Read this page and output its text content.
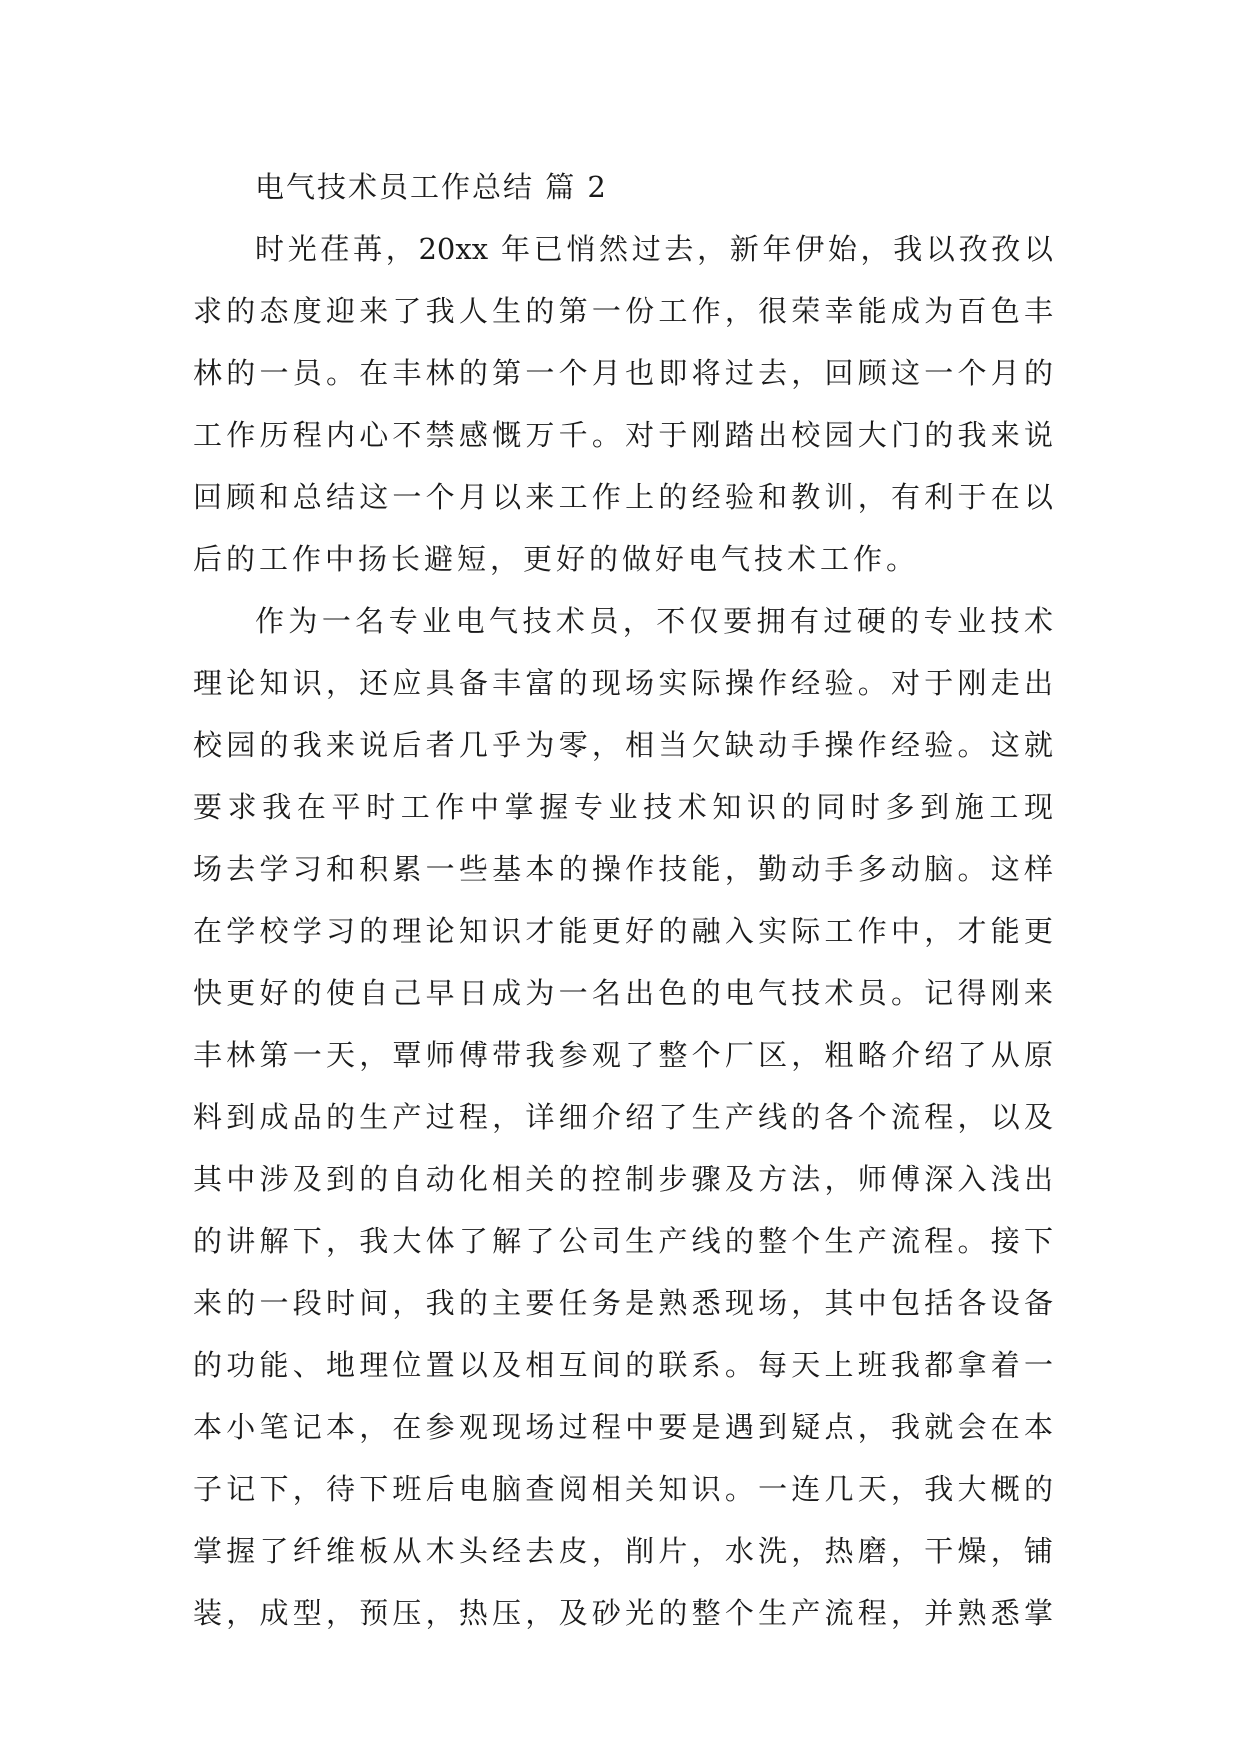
电气技术员工作总结 篇 2
时光荏苒，20xx 年已悄然过去，新年伊始，我以孜孜以
求的态度迎来了我人生的第一份工作，很荣幸能成为百色丰
林的一员。在丰林的第一个月也即将过去，回顾这一个月的
工作历程内心不禁感慨万千。对于刚踏出校园大门的我来说
回顾和总结这一个月以来工作上的经验和教训，有利于在以
后的工作中扬长避短，更好的做好电气技术工作。
作为一名专业电气技术员，不仅要拥有过硬的专业技术
理论知识，还应具备丰富的现场实际操作经验。对于刚走出
校园的我来说后者几乎为零，相当欠缺动手操作经验。这就
要求我在平时工作中掌握专业技术知识的同时多到施工现
场去学习和积累一些基本的操作技能，勤动手多动脑。这样
在学校学习的理论知识才能更好的融入实际工作中，才能更
快更好的使自己早日成为一名出色的电气技术员。记得刚来
丰林第一天，覃师傅带我参观了整个厂区，粗略介绍了从原
料到成品的生产过程，详细介绍了生产线的各个流程，以及
其中涉及到的自动化相关的控制步骤及方法，师傅深入浅出
的讲解下，我大体了解了公司生产线的整个生产流程。接下
来的一段时间，我的主要任务是熟悉现场，其中包括各设备
的功能、地理位置以及相互间的联系。每天上班我都拿着一
本小笔记本，在参观现场过程中要是遇到疑点，我就会在本
子记下，待下班后电脑查阅相关知识。一连几天，我大概的
掌握了纤维板从木头经去皮，削片，水洗，热磨，干燥，铺
装，成型，预压，热压，及砂光的整个生产流程，并熟悉掌
